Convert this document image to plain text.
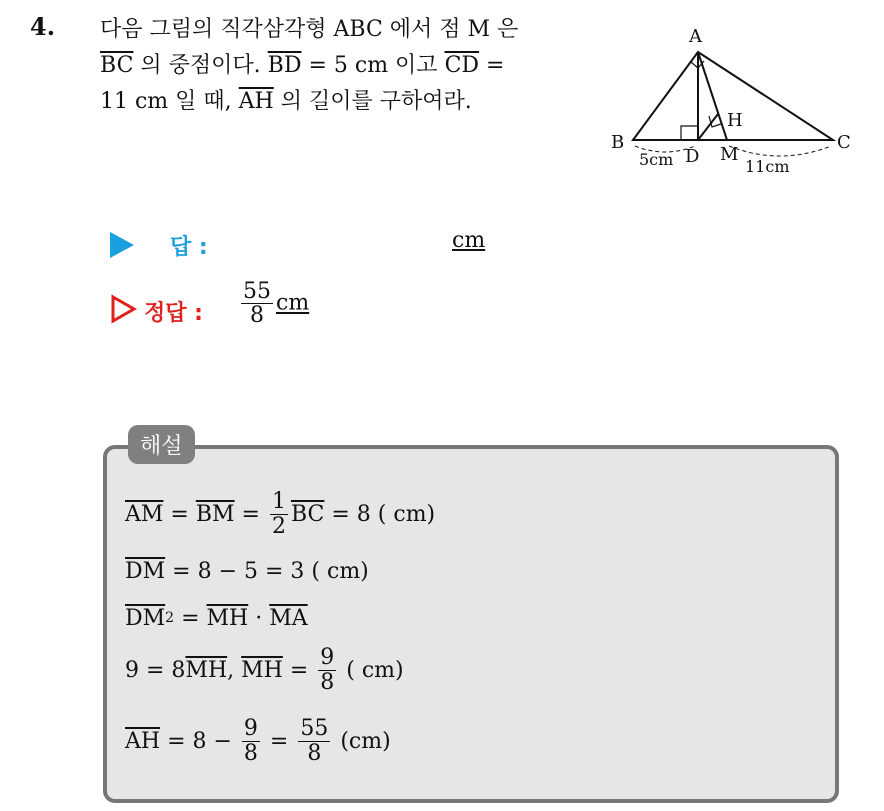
4. 다음 그림의 직각삼각형 ABC 에서 점 M 은
$\overline{BC}$ 의 중점이다. $\overline{BD} = 5$ cm 이고 $\overline{CD}$ =
11 cm 일 때, $\overline{AH}$ 의 길이를 구하여라.
A
B	C
D M
H
5cm	11cm
답 :	cm
정답 : $\frac{55}{8}$ cm
해설
$\overline{AM} = \overline{BM} = \frac{1}{2} \overline{BC} = 8$ ( cm)
$\overline{DM} = 8 - 5 = 3$ ( cm)
$\overline{DM}$ $2 = \overline{MH} \cdot \overline{MA}$
9 = 8 $\overline{MH}$ , $\overline{MH} = \frac{9}{8}$ ( cm)
$\overline{AH} = 8 - \frac{9}{8} = \frac{55}{8} (cm)$
